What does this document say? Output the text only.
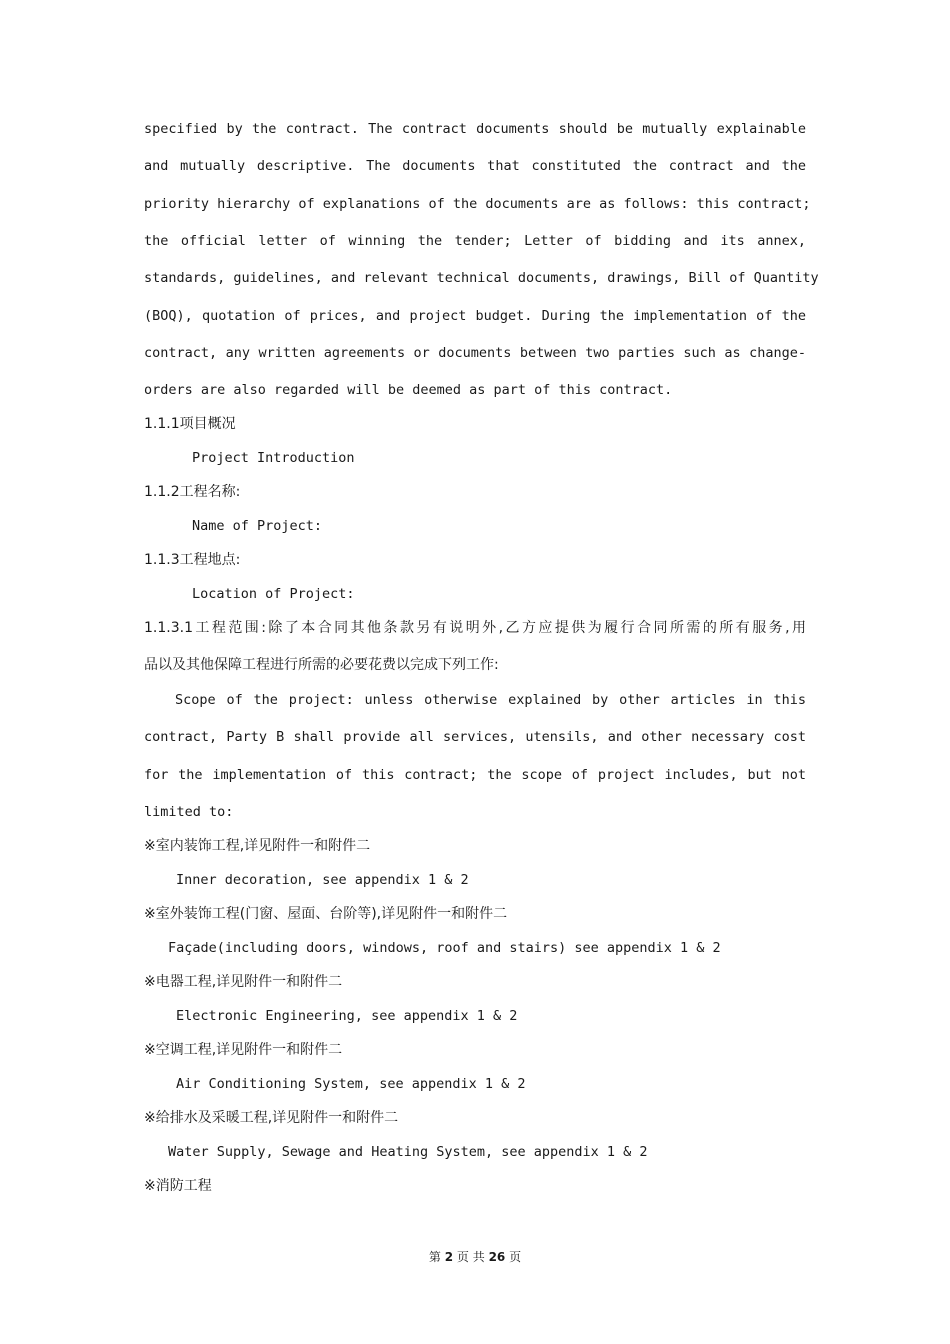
specified by the contract. The contract documents should be mutually explainable
and mutually descriptive. The documents that constituted the contract and the
priority hierarchy of explanations of the documents are as follows: this contract;
the official letter of winning the tender; Letter of bidding and its annex,
standards, guidelines, and relevant technical documents, drawings, Bill of Quantity
(BOQ), quotation of prices, and project budget. During the implementation of the
contract, any written agreements or documents between two parties such as change-
orders are also regarded will be deemed as part of this contract.
1.1.1项目概况
Project Introduction
1.1.2工程名称:
Name of Project:
1.1.3工程地点:
Location of Project:
1.1.3.1工程范围:除了本合同其他条款另有说明外,乙方应提供为履行合同所需的所有服务,用
品以及其他保障工程进行所需的必要花费以完成下列工作:
Scope of the project: unless otherwise explained by other articles in this
contract, Party B shall provide all services, utensils, and other necessary cost
for the implementation of this contract; the scope of project includes, but not
limited to:
※室内装饰工程,详见附件一和附件二
Inner decoration, see appendix 1 & 2
※室外装饰工程(门窗、屋面、台阶等),详见附件一和附件二
Façade(including doors, windows, roof and stairs) see appendix 1 & 2
※电器工程,详见附件一和附件二
Electronic Engineering, see appendix 1 & 2
※空调工程,详见附件一和附件二
Air Conditioning System, see appendix 1 & 2
※给排水及采暖工程,详见附件一和附件二
Water Supply, Sewage and Heating System, see appendix 1 & 2
※消防工程
第 2 页 共 26 页
